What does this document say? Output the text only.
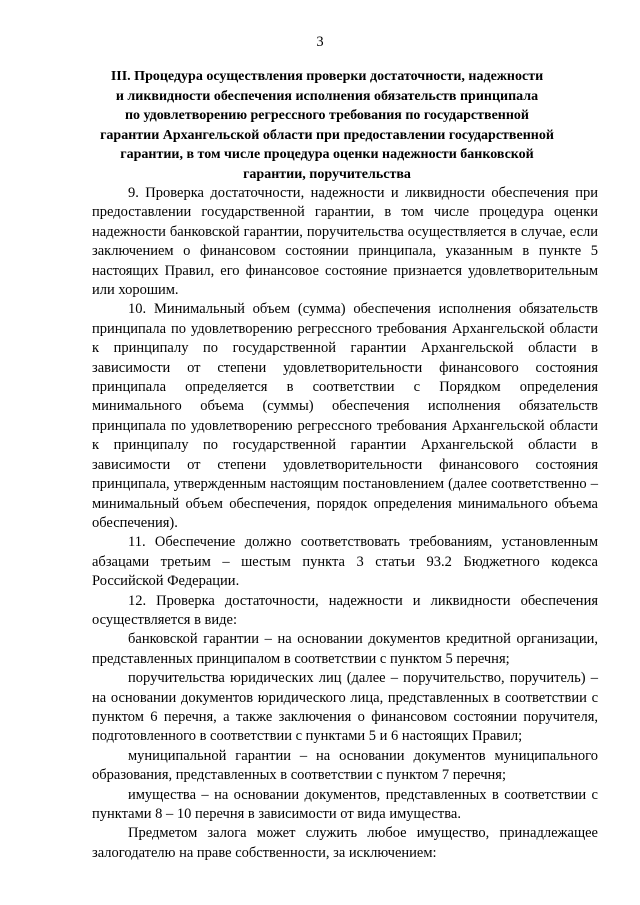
3
III. Процедура осуществления проверки достаточности, надежности
и ликвидности обеспечения исполнения обязательств принципала
по удовлетворению регрессного требования по государственной
гарантии Архангельской области при предоставлении государственной
гарантии, в том числе процедура оценки надежности банковской
гарантии, поручительства

9. Проверка достаточности, надежности и ликвидности обеспечения при предоставлении государственной гарантии, в том числе процедура оценки надежности банковской гарантии, поручительства осуществляется в случае, если заключением о финансовом состоянии принципала, указанным в пункте 5 настоящих Правил, его финансовое состояние признается удовлетворительным или хорошим.

10. Минимальный объем (сумма) обеспечения исполнения обязательств принципала по удовлетворению регрессного требования Архангельской области к принципалу по государственной гарантии Архангельской области в зависимости от степени удовлетворительности финансового состояния принципала определяется в соответствии с Порядком определения минимального объема (суммы) обеспечения исполнения обязательств принципала по удовлетворению регрессного требования Архангельской области к принципалу по государственной гарантии Архангельской области в зависимости от степени удовлетворительности финансового состояния принципала, утвержденным настоящим постановлением (далее соответственно – минимальный объем обеспечения, порядок определения минимального объема обеспечения).

11. Обеспечение должно соответствовать требованиям, установленным абзацами третьим – шестым пункта 3 статьи 93.2 Бюджетного кодекса Российской Федерации.

12. Проверка достаточности, надежности и ликвидности обеспечения осуществляется в виде:

банковской гарантии – на основании документов кредитной организации, представленных принципалом в соответствии с пунктом 5 перечня;

поручительства юридических лиц (далее – поручительство, поручитель) – на основании документов юридического лица, представленных в соответствии с пунктом 6 перечня, а также заключения о финансовом состоянии поручителя, подготовленного в соответствии с пунктами 5 и 6 настоящих Правил;

муниципальной гарантии – на основании документов муниципального образования, представленных в соответствии с пунктом 7 перечня;

имущества – на основании документов, представленных в соответствии с пунктами 8 – 10 перечня в зависимости от вида имущества.

Предметом залога может служить любое имущество, принадлежащее залогодателю на праве собственности, за исключением:
